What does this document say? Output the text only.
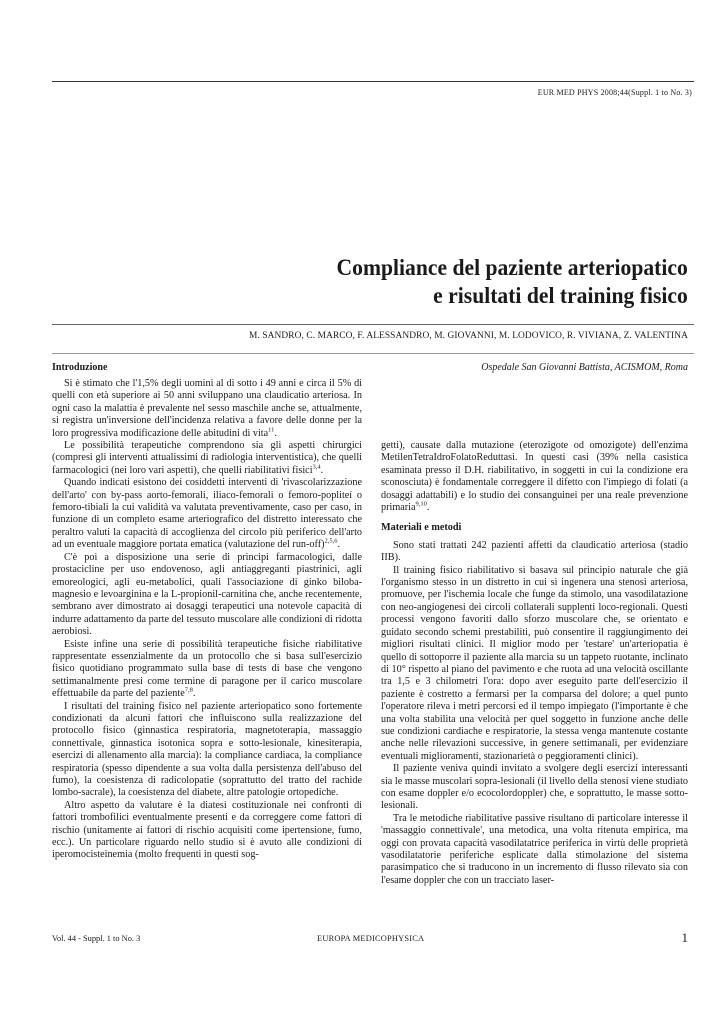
EUR MED PHYS 2008;44(Suppl. 1 to No. 3)
Compliance del paziente arteriopatico
e risultati del training fisico
M. SANDRO, C. MARCO, F. ALESSANDRO, M. GIOVANNI, M. LODOVICO, R. VIVIANA, Z. VALENTINA
Introduzione	Ospedale San Giovanni Battista, ACISMOM, Roma

Si è stimato che l'1,5% degli uomini al di sotto i 49 anni e circa il 5% di quelli con età superiore ai 50 anni sviluppano una claudicatio arteriosa. In ogni caso la malattia è prevalente nel sesso maschile anche se, attualmente, si registra un'inversione dell'incidenza relativa a favore delle donne per la loro progressiva modificazione delle abitudini di vita$^{11}$.

Le possibilità terapeutiche comprendono sia gli aspetti chirurgici (compresi gli interventi attualissimi di radiologia interventistica), che quelli farmacologici (nei loro vari aspetti), che quelli riabilitativi fisici$^{3,4}$.

Quando indicati esistono dei cosiddetti interventi di 'rivascolarizzazione dell'arto' con by-pass aorto-femorali, iliaco-femorali o femoro-popliteí o femoro-tibiali la cui validità va valutata preventivamente, caso per caso, in funzione di un completo esame arteriografico del distretto interessato che peraltro valuti la capacità di accoglienza del circolo più periferico dell'arto ad un eventuale maggiore portata ematica (valutazione del run-off)$^{2,5,6}$.

C'è poi a disposizione una serie di principi farmacologici, dalle prostacicline per uso endovenoso, agli antiaggreganti piastrinici, agli emoreologici, agli eu-metabolici, quali l'associazione di ginko biloba- magnesio e levoarginina e la L-propionil-carnitina che, anche recentemente, sembrano aver dimostrato ai dosaggi terapeutici una notevole capacità di indurre adattamento da parte del tessuto muscolare alle condizioni di ridotta aerobiosi.

Esiste infine una serie di possibilità terapeutiche fisiche riabilitative rappresentate essenzialmente da un protocollo che si basa sull'esercizio fisico quotidiano programmato sulla base di tests di base che vengono settimanalmente presi come termine di paragone per il carico muscolare effettuabile da parte del paziente$^{7,8}$.

I risultati del training fisico nel paziente arteriopatico sono fortemente condizionati da alcuni fattori che influiscono sulla realizzazione del protocollo fisico (ginnastica respiratoria, magnetoterapia, massaggio connettivale, ginnastica isotonica sopra e sotto-lesionale, kinesiterapia, esercizi di allenamento alla marcia): la compliance cardiaca, la compliance respiratoria (spesso dipendente a sua volta dalla persistenza dell'abuso del fumo), la coesistenza di radicolopatie (soprattutto del tratto del rachide lombo-sacrale), la coesistenza del diabete, altre patologie ortopediche.

Altro aspetto da valutare è la diatesi costituzionale nei confronti di fattori trombofilici eventualmente presenti e da correggere come fattori di rischio (unitamente ai fattori di rischio acquisiti come ipertensione, fumo, ecc.). Un particolare riguardo nello studio si è avuto alle condizioni di iperomocisteinemia (molto frequenti in questi sog-

getti), causate dalla mutazione (eterozigote od omozigote) dell'enzima MetilenTetraIdroFolatoReduttasi. In questi casi (39% nella casistica esaminata presso il D.H. riabilitativo, in soggetti in cui la condizione era sconosciuta) è fondamentale correggere il difetto con l'impiego di folati (a dosaggi adattabili) e lo studio dei consanguinei per una reale prevenzione primaria$^{9,10}$.

Materiali e metodi

Sono stati trattati 242 pazienti affetti da claudicatio arteriosa (stadio IIB).

Il training fisico riabilitativo si basava sul principio naturale che già l'organismo stesso in un distretto in cui si ingenera una stenosi arteriosa, promuove, per l'ischemia locale che funge da stimolo, una vasodilatazione con neo-angiogenesi dei circoli collaterali supplenti loco-regionali. Questi processi vengono favoriti dallo sforzo muscolare che, se orientato e guidato secondo schemi prestabiliti, può consentire il raggiungimento dei migliori risultati clinici. Il miglior modo per 'testare' un'arteriopatia è quello di sottoporre il paziente alla marcia su un tappeto ruotante, inclinato di 10° rispetto al piano del pavimento e che ruota ad una velocità oscillante tra 1,5 e 3 chilometri l'ora: dopo aver eseguito parte dell'esercizio il paziente è costretto a fermarsi per la comparsa del dolore; a quel punto l'operatore rileva i metri percorsi ed il tempo impiegato (l'importante è che una volta stabilita una velocità per quel soggetto in funzione anche delle sue condizioni cardiache e respiratorie, la stessa venga mantenute costante anche nelle rilevazioni successive, in genere settimanali, per evidenziare eventuali miglioramenti, stazionarietà o peggioramenti clinici).

Il paziente veniva quindi invitato a svolgere degli esercizi interessanti sia le masse muscolari sopra-lesionali (il livello della stenosi viene studiato con esame doppler e/o ecocolordoppler) che, e soprattutto, le masse sotto-lesionali.

Tra le metodiche riabilitative passive risultano di particolare interesse il 'massaggio connettivale', una metodica, una volta ritenuta empirica, ma oggi con provata capacità vasodilatatrice periferica in virtù delle proprietà vasodilatatorie periferiche esplicate dalla stimolazione del sistema parasimpatico che si traducono in un incremento di flusso rilevato sia con l'esame doppler che con un tracciato laser-

Vol. 44 - Suppl. 1 to No. 3	EUROPA MEDICOPHYSICA	1
